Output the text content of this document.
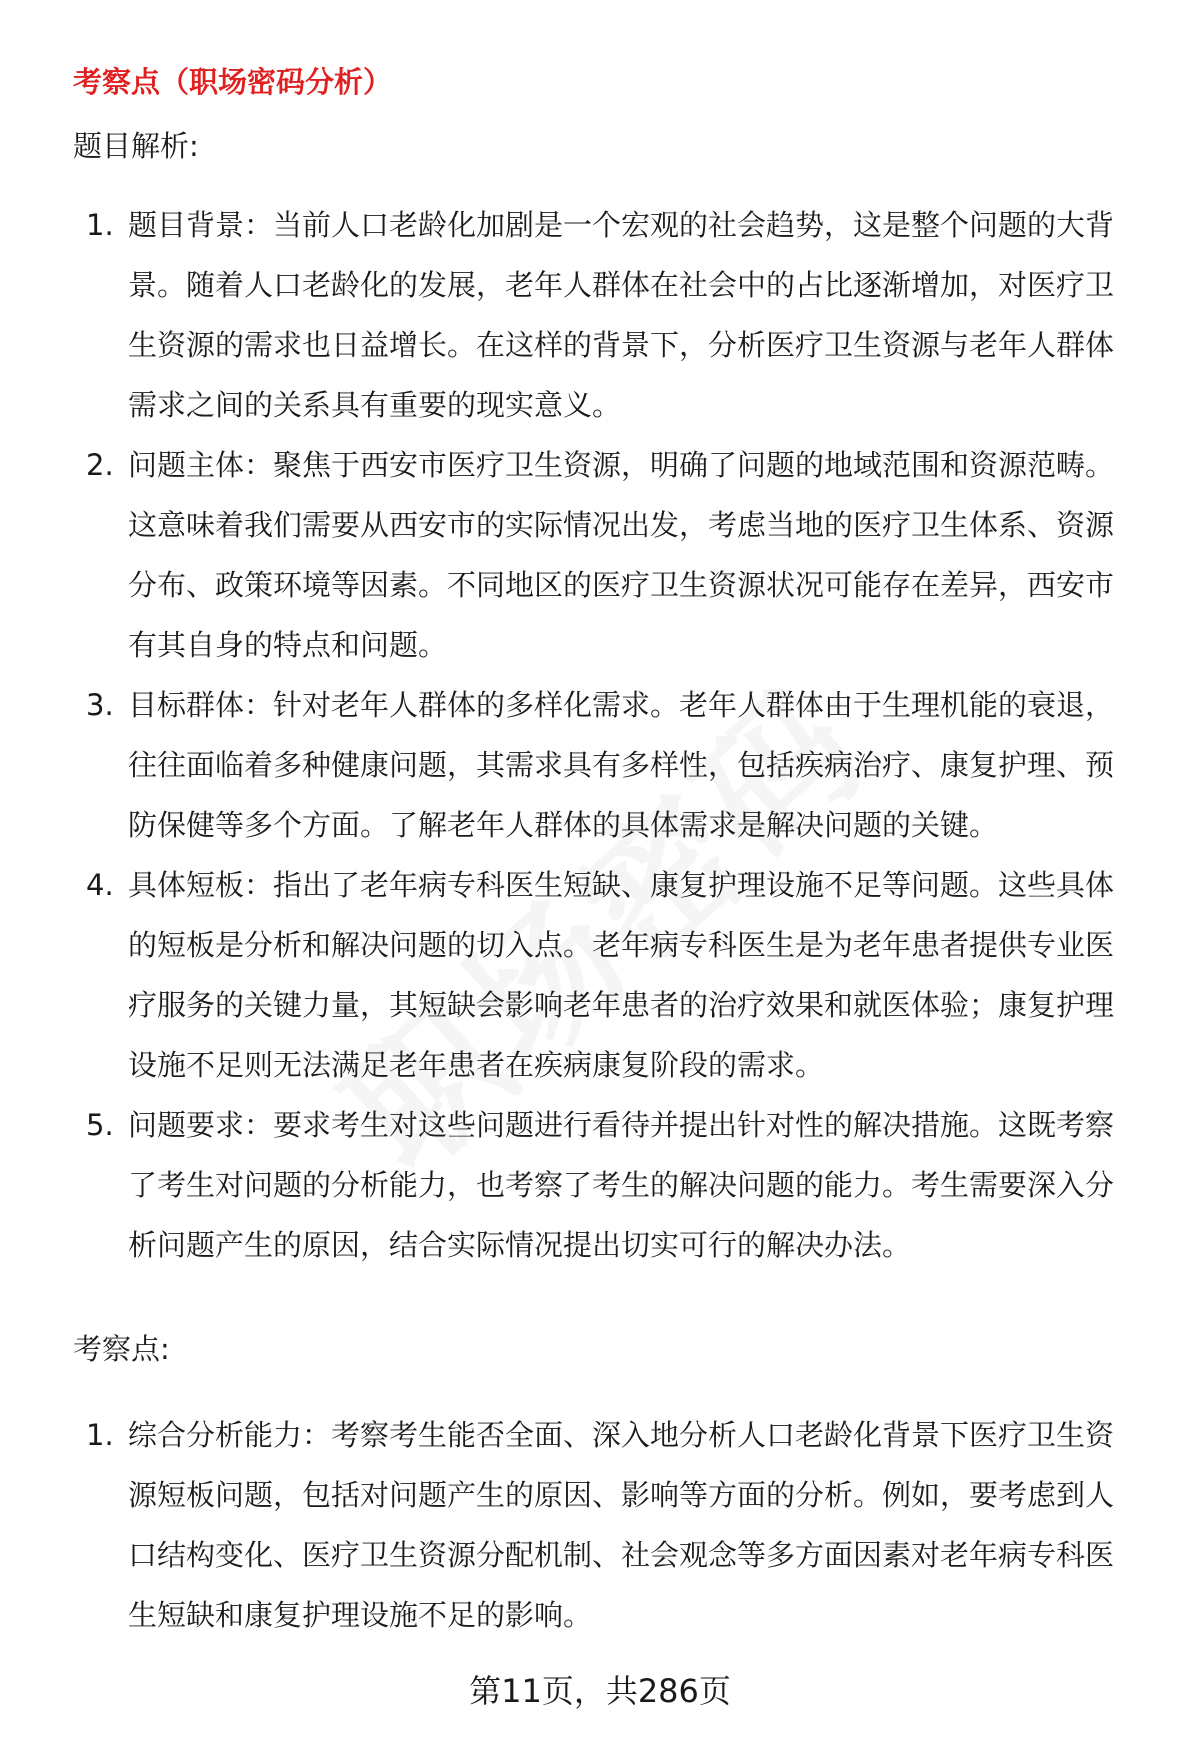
考察点（职场密码分析）

题目解析:

1. 题目背景：当前人口老龄化加剧是一个宏观的社会趋势，这是整个问题的大背景。随着人口老龄化的发展，老年人群体在社会中的占比逐渐增加，对医疗卫生资源的需求也日益增长。在这样的背景下，分析医疗卫生资源与老年人群体需求之间的关系具有重要的现实意义。
2. 问题主体：聚焦于西安市医疗卫生资源，明确了问题的地域范围和资源范畴。这意味着我们需要从西安市的实际情况出发，考虑当地的医疗卫生体系、资源分布、政策环境等因素。不同地区的医疗卫生资源状况可能存在差异，西安市有其自身的特点和问题。
3. 目标群体：针对老年人群体的多样化需求。老年人群体由于生理机能的衰退，往往面临着多种健康问题，其需求具有多样性，包括疾病治疗、康复护理、预防保健等多个方面。了解老年人群体的具体需求是解决问题的关键。
4. 具体短板：指出了老年病专科医生短缺、康复护理设施不足等问题。这些具体的短板是分析和解决问题的切入点。老年病专科医生是为老年患者提供专业医疗服务的关键力量，其短缺会影响老年患者的治疗效果和就医体验；康复护理设施不足则无法满足老年患者在疾病康复阶段的需求。
5. 问题要求：要求考生对这些问题进行看待并提出针对性的解决措施。这既考察了考生对问题的分析能力，也考察了考生的解决问题的能力。考生需要深入分析问题产生的原因，结合实际情况提出切实可行的解决办法。

考察点:

1. 综合分析能力：考察考生能否全面、深入地分析人口老龄化背景下医疗卫生资源短板问题，包括对问题产生的原因、影响等方面的分析。例如，要考虑到人口结构变化、医疗卫生资源分配机制、社会观念等多方面因素对老年病专科医生短缺和康复护理设施不足的影响。

第11页，共286页
